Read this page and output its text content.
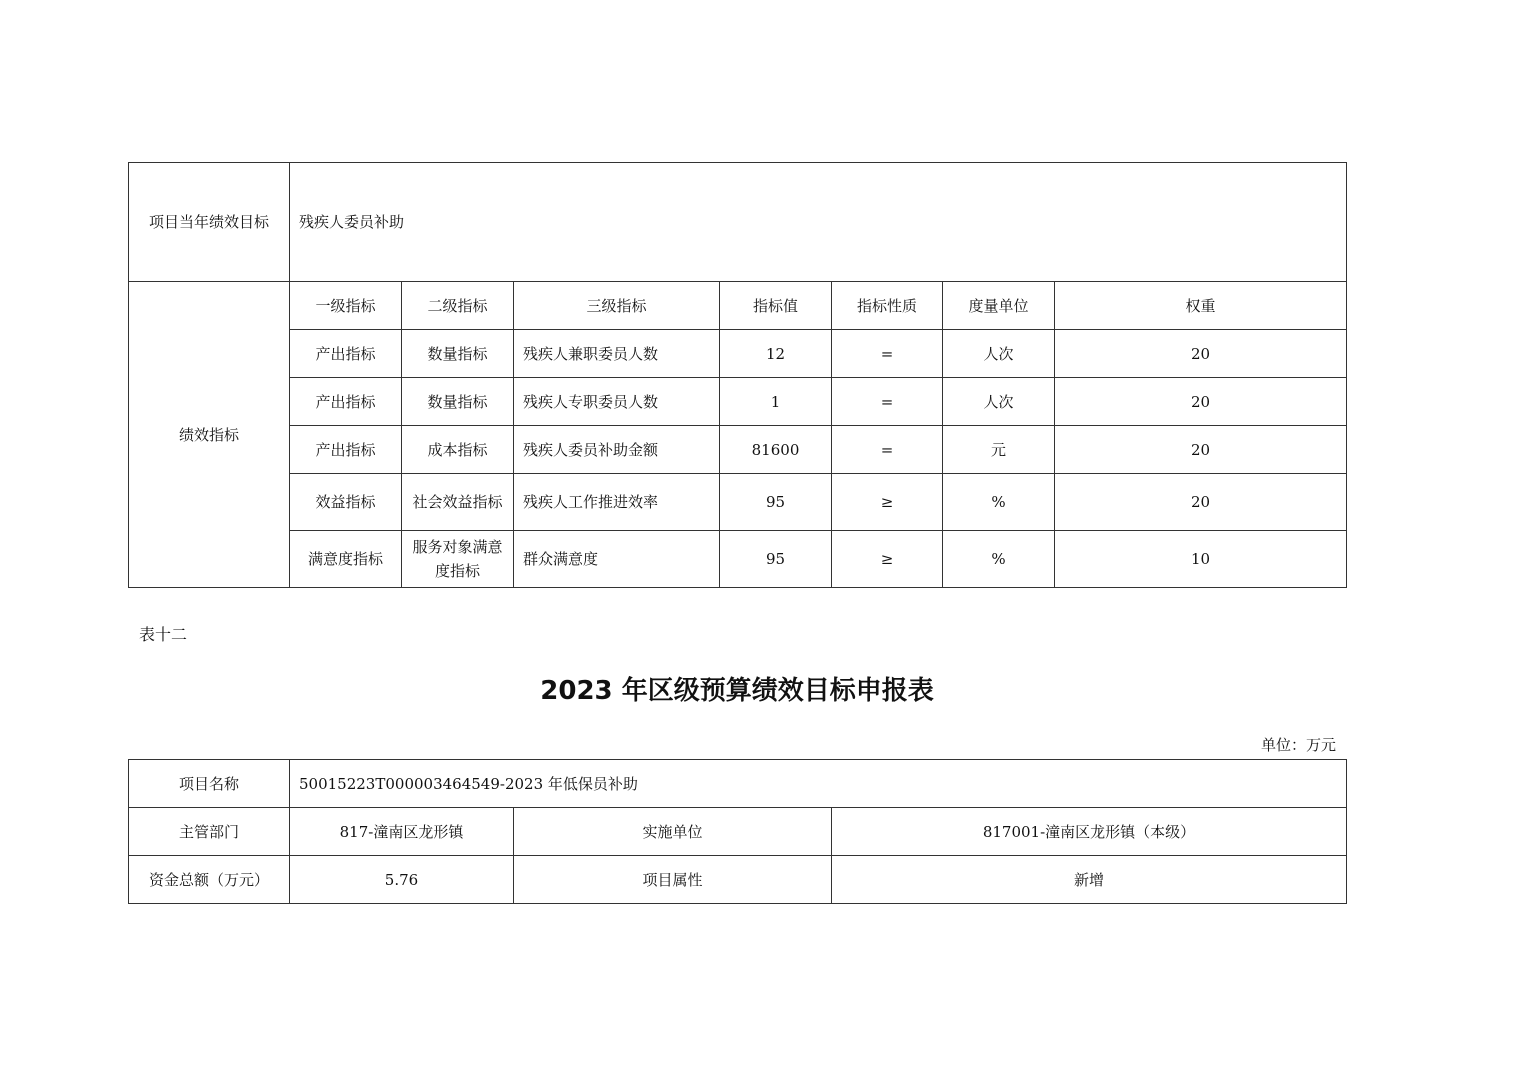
项目当年绩效目标	残疾人委员补助						
绩效指标	一级指标	二级指标	三级指标	指标值	指标性质	度量单位	权重
	产出指标	数量指标	残疾人兼职委员人数	12	=	人次	20
	产出指标	数量指标	残疾人专职委员人数	1	=	人次	20
	产出指标	成本指标	残疾人委员补助金额	81600	=	元	20
	效益指标	社会效益指标	残疾人工作推进效率	95	≥	%	20
	满意度指标	服务对象满意度指标	群众满意度	95	≥	%	10
表十二
2023 年区级预算绩效目标申报表
单位：万元
项目名称	50015223T000003464549-2023 年低保员补助		
主管部门	817-潼南区龙形镇	实施单位	817001-潼南区龙形镇（本级）
资金总额（万元）	5.76	项目属性	新增
